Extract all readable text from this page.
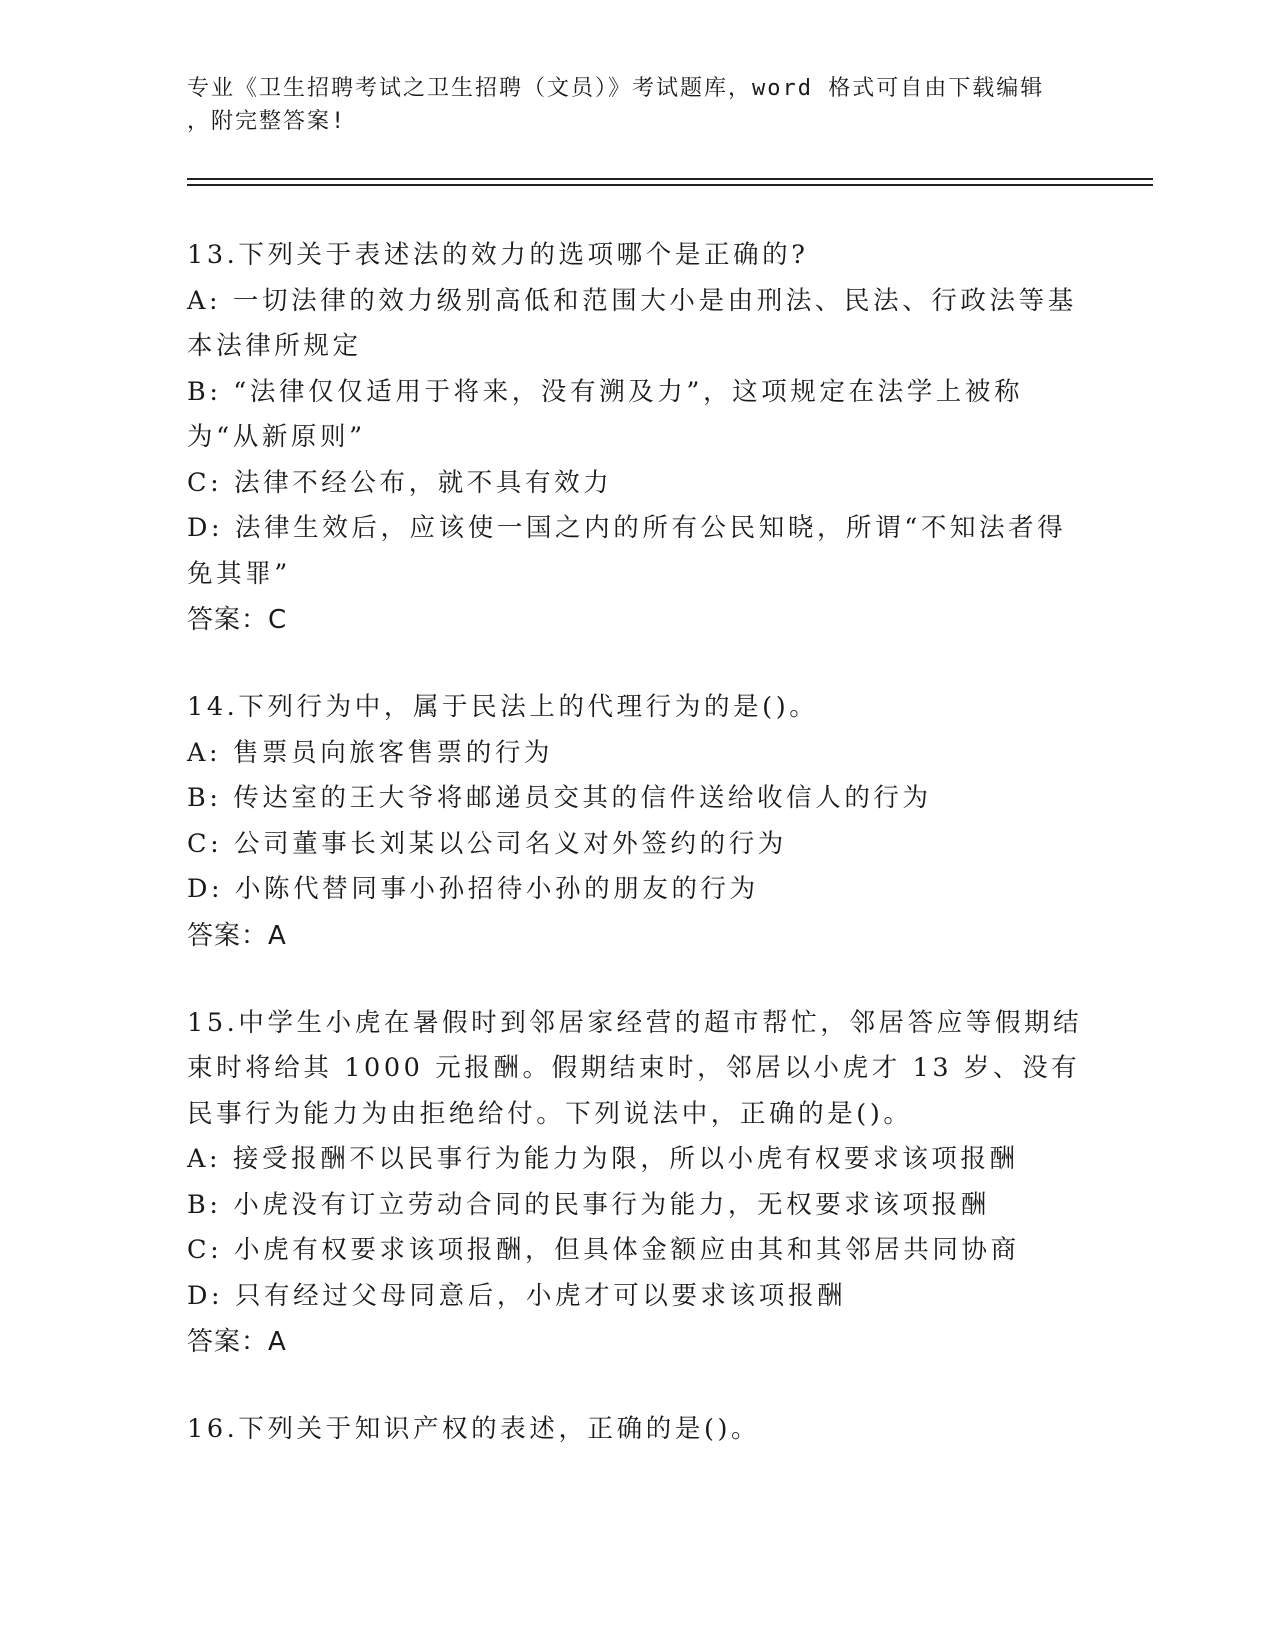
专业《卫生招聘考试之卫生招聘（文员）》考试题库，word 格式可自由下载编辑
，附完整答案!

13.下列关于表述法的效力的选项哪个是正确的?

A: 一切法律的效力级别高低和范围大小是由刑法、民法、行政法等基本法律所规定

B: “法律仅仅适用于将来，没有溯及力”，这项规定在法学上被称为“从新原则”

C: 法律不经公布，就不具有效力

D: 法律生效后，应该使一国之内的所有公民知晓，所谓“不知法者得免其罪”

答案：C

14.下列行为中，属于民法上的代理行为的是()。

A: 售票员向旅客售票的行为

B: 传达室的王大爷将邮递员交其的信件送给收信人的行为

C: 公司董事长刘某以公司名义对外签约的行为

D: 小陈代替同事小孙招待小孙的朋友的行为

答案：A

15.中学生小虎在暑假时到邻居家经营的超市帮忙，邻居答应等假期结束时将给其 1000 元报酬。假期结束时，邻居以小虎才 13 岁、没有民事行为能力为由拒绝给付。下列说法中，正确的是()。

A: 接受报酬不以民事行为能力为限，所以小虎有权要求该项报酬

B: 小虎没有订立劳动合同的民事行为能力，无权要求该项报酬

C: 小虎有权要求该项报酬，但具体金额应由其和其邻居共同协商

D: 只有经过父母同意后，小虎才可以要求该项报酬

答案：A

16.下列关于知识产权的表述，正确的是()。
